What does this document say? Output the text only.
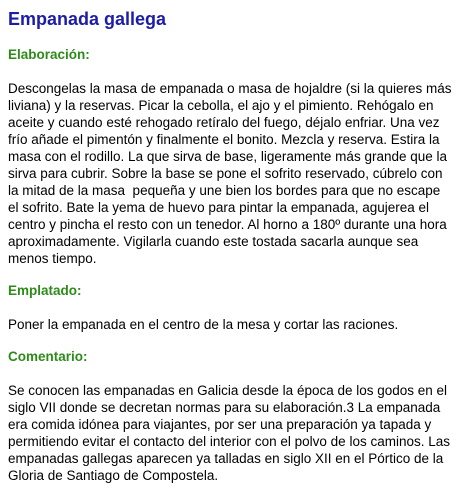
Empanada gallega
Elaboración:

Descongelas la masa de empanada o masa de hojaldre (si la quieres más liviana) y la reservas. Picar la cebolla, el ajo y el pimiento. Rehógalo en aceite y cuando esté rehogado retíralo del fuego, déjalo enfriar. Una vez frío añade el pimentón y finalmente el bonito. Mezcla y reserva. Estira la masa con el rodillo. La que sirva de base, ligeramente más grande que la sirva para cubrir. Sobre la base se pone el sofrito reservado, cúbrelo con la mitad de la masa  pequeña y une bien los bordes para que no escape el sofrito. Bate la yema de huevo para pintar la empanada, agujerea el centro y pincha el resto con un tenedor. Al horno a 180º durante una hora aproximadamente. Vigilarla cuando este tostada sacarla aunque sea menos tiempo.

Emplatado:

Poner la empanada en el centro de la mesa y cortar las raciones.

Comentario:

Se conocen las empanadas en Galicia desde la época de los godos en el siglo VII donde se decretan normas para su elaboración.3 La empanada era comida idónea para viajantes, por ser una preparación ya tapada y permitiendo evitar el contacto del interior con el polvo de los caminos. Las empanadas gallegas aparecen ya talladas en siglo XII en el Pórtico de la Gloria de Santiago de Compostela.
